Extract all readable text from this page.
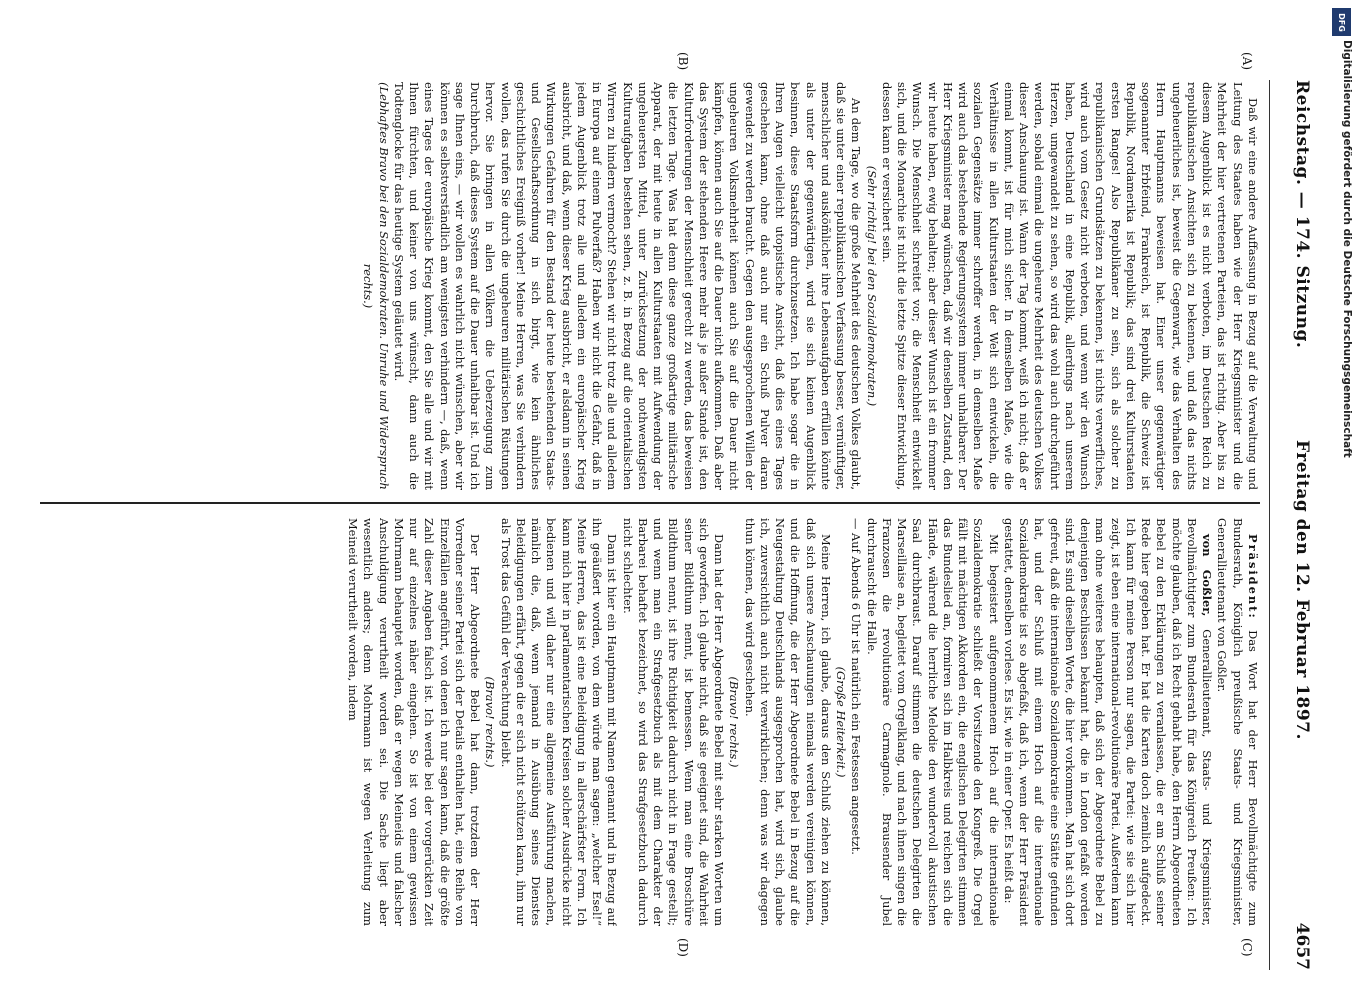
Reichstag. — 174. Sitzung.
Freitag den 12. Februar 1897.
4657
(A)
(B)
(C)
(D)

Daß wir eine andere Auffassung in Bezug auf die Verwaltung und Leitung des Staates haben wie der Herr Kriegsminister und die Mehrheit der hier vertretenen Parteien, das ist richtig. Aber bis zu diesem Augenblick ist es nicht verboten, im Deutschen Reich zu republikanischen Ansichten sich zu bekennen, und daß das nichts ungeheuerliches ist, beweist die Gegenwart, wie das Verhalten des Herrn Hauptmanns beweisen hat. Einer unser gegenwärtiger sogenannter Erbfeind, Frankreich, ist Republik, die Schweiz ist Republik, Nordamerika ist Republik; das sind drei Kulturstaaten ersten Ranges! Also Republikaner zu sein, sich als solcher zu republikanischen Grundsätzen zu bekennen, ist nichts verwerfliches, wird auch vom Gesetz nicht verboten, und wenn wir den Wunsch haben, Deutschland in eine Republik, allerdings nach unserem Herzen, umgewandelt zu sehen, so wird das wohl auch durchgeführt werden, sobald einmal die ungeheure Mehrheit des deutschen Volkes dieser Anschauung ist. Wann der Tag kommt, weiß ich nicht; daß er einmal kommt, ist für mich sicher. In demselben Maße, wie die Verhältnisse in allen Kulturstaaten der Welt sich entwickeln, die sozialen Gegensätze immer schroffer werden, in demselben Maße wird auch das bestehende Regierungssystem immer unhaltbarer. Der Herr Kriegsminister mag wünschen, daß wir denselben Zustand, den wir heute haben, ewig behalten; aber dieser Wunsch ist ein frommer Wunsch. Die Menschheit schreitet vor; die Menschheit entwickelt sich, und die Monarchie ist nicht die letzte Spitze dieser Entwicklung, dessen kann er versichert sein.

(Sehr richtig! bei den Sozialdemokraten.)

An dem Tage, wo die große Mehrheit des deutschen Volkes glaubt, daß sie unter einer republikanischen Verfassung besser, vernünftiger, menschlicher und ausköm̃licher ihre Lebensaufgaben erfüllen könnte als unter der gegenwärtigen, wird sie sich keinen Augenblick besinnen, diese Staatsform durchzusetzen. Ich habe sogar die in Ihren Augen vielleicht utopistische Ansicht, daß dies eines Tages geschehen kann, ohne daß auch nur ein Schuß Pulver daran gewendet zu werden braucht. Gegen den ausgesprochenen Willen der ungeheuren Volksmehrheit können auch Sie auf die Dauer nicht kämpfen, können auch Sie auf die Dauer nicht aufkommen. Daß aber das System der stehenden Heere mehr als je außer Stande ist, den Kulturforderungen der Menschheit gerecht zu werden, das beweisen die letzten Tage. Was hat denn diese ganze großartige militärische Apparat, der mit heute in allen Kulturstaaten mit Aufwendung der ungeheuersten Mittel, unter Zurücksetzung der nothwendigsten Kulturaufgaben bestehen sehen, z. B. in Bezug auf die orientalischen Wirren zu hindern vermocht? Stehen wir nicht trotz alle und alledem in Europa auf einem Pulverfaß? Haben wir nicht die Gefahr, daß in jedem Augenblick trotz alle und alledem ein europäischer Krieg ausbricht, und daß, wenn dieser Krieg ausbricht, er alsdann in seinen Wirkungen Gefahren für den Bestand der heute bestehenden Staats- und Gesellschaftsordnung in sich birgt, wie kein ähnliches geschichtliches Ereigniß vorher! Meine Herren, was Sie verhindern wollen, das rufen Sie durch die ungeheuren militärischen Rüstungen hervor. Sie bringen in allen Völkern die Ueberzeugung zum Durchbruch, daß dieses System auf die Dauer unhaltbar ist. Und ich sage Ihnen eins, — wir wollen es wahrlich nicht wünschen, aber wir können es selbstverständlich am wenigsten verhindern —, daß, wenn eines Tages der europäische Krieg kommt, den Sie alle und wir mit Ihnen fürchten, und keiner von uns wünscht, dann auch die Todtenglocke für das heutige System geläutet wird.

(Lebhaftes Bravo bei den Sozialdemokraten. Unruhe und Widerspruch rechts.)

Präsident: Das Wort hat der Herr Bevollmächtigte zum Bundesrath, Königlich preußische Staats- und Kriegsminister, Generallieutenant von Goßler.

von Goßler, Generallieutenant, Staats- und Kriegsminister, Bevollmächtigter zum Bundesrath für das Königreich Preußen: Ich möchte glauben, daß ich Recht gehabt habe, den Herrn Abgeordneten Bebel zu den Erklärungen zu veranlassen, die er am Schluß seiner Rede hier gegeben hat. Er hat die Karten doch ziemlich aufgedeckt. Ich kann für meine Person nur sagen, die Partei: wie sie sich hier zeigt, ist eben eine international-revolutionäre Partei. Außerdem kann man ohne weiteres behaupten, daß sich der Abgeordnete Bebel zu denjenigen Beschlüssen bekannt hat, die in London gefaßt worden sind. Es sind dieselben Worte, die hier vorkommen. Man hat sich dort gefreut, daß die internationale Sozialdemokratie eine Stätte gefunden hat, und der Schluß mit einem Hoch auf die internationale Sozialdemokratie ist so abgefaßt, daß ich, wenn der Herr Präsident gestattet, denselben vorlese. Es ist, wie in einer Oper. Es heißt da:

Mit begeistert aufgenommenem Hoch auf die internationale Sozialdemokratie schließt der Vorsitzende den Kongreß. Die Orgel fällt mit mächtigen Akkorden ein, die englischen Delegirten stimmen das Bundeslied an, formiren sich im Halbkreis und reichen sich die Hände, während die herrliche Melodie den wundervoll akustischen Saal durchbraust. Darauf stimmen die deutschen Delegirten die Marseillaise an, begleitet vom Orgelklang, und nach ihnen singen die Franzosen die revolutionäre Carmagnole. Brausender Jubel durchrauscht die Halle.

— Auf Abends 6 Uhr ist natürlich ein Festessen angesetzt.

(Große Heiterkeit.)

Meine Herren, ich glaube, daraus den Schluß ziehen zu können, daß sich unsere Anschauungen niemals werden vereinigen können, und die Hoffnung, die der Herr Abgeordnete Bebel in Bezug auf die Neugestaltung Deutschlands ausgesprochen hat, wird sich, glaube ich, zuversichtlich auch nicht verwirklichen; denn was wir dagegen thun können, das wird geschehen.

(Bravo! rechts.)

Dann hat der Herr Abgeordnete Bebel mit sehr starken Worten um sich geworfen. Ich glaube nicht, daß sie geeignet sind, die Wahrheit seiner Bildthum nennt, ist bemessen. Wenn man eine Broschüre Bildthum nennt, ist ihre Richtigkeit dadurch nicht in Frage gestellt; und wenn man ein Strafgesetzbuch als mit dem Charakter der Barbarei behaftet bezeichnet, so wird das Strafgesetzbuch dadurch nicht schlechter.

Dann ist hier ein Hauptmann mit Namen genannt und in Bezug auf ihn geäußert worden, von dem würde man sagen: „welcher Esel!“ Meine Herren, das ist eine Beleidigung in allerschärfster Form. Ich kann mich hier in parlamentarischen Kreisen solcher Ausdrücke nicht bedienen und will daher nur eine allgemeine Ausführung machen, nämlich die, daß, wenn jemand in Ausübung seines Dienstes Beleidigungen erfährt, gegen die er sich nicht schützen kann, ihm nur als Trost das Gefühl der Verachtung bleibt.

(Bravo! rechts.)

Der Herr Abgeordnete Bebel hat dann, trotzdem der Herr Vorredner seiner Partei sich der Details enthalten hat, eine Reihe von Einzelfällen angeführt, von denen ich nur sagen kann, daß die größte Zahl dieser Angaben falsch ist. Ich werde bei der vorgerückten Zeit nur auf einzelnes näher eingehen. So ist von einem gewissen Mohrmann behauptet worden, daß er wegen Meineids und falscher Anschuldigung verurtheilt worden sei. Die Sache liegt aber wesentlich anders; denn Mohrmann ist wegen Verleitung zum Meineid verurtheilt worden, indem

DFG
Digitalisierung gefördert durch die Deutsche Forschungsgemeinschaft
